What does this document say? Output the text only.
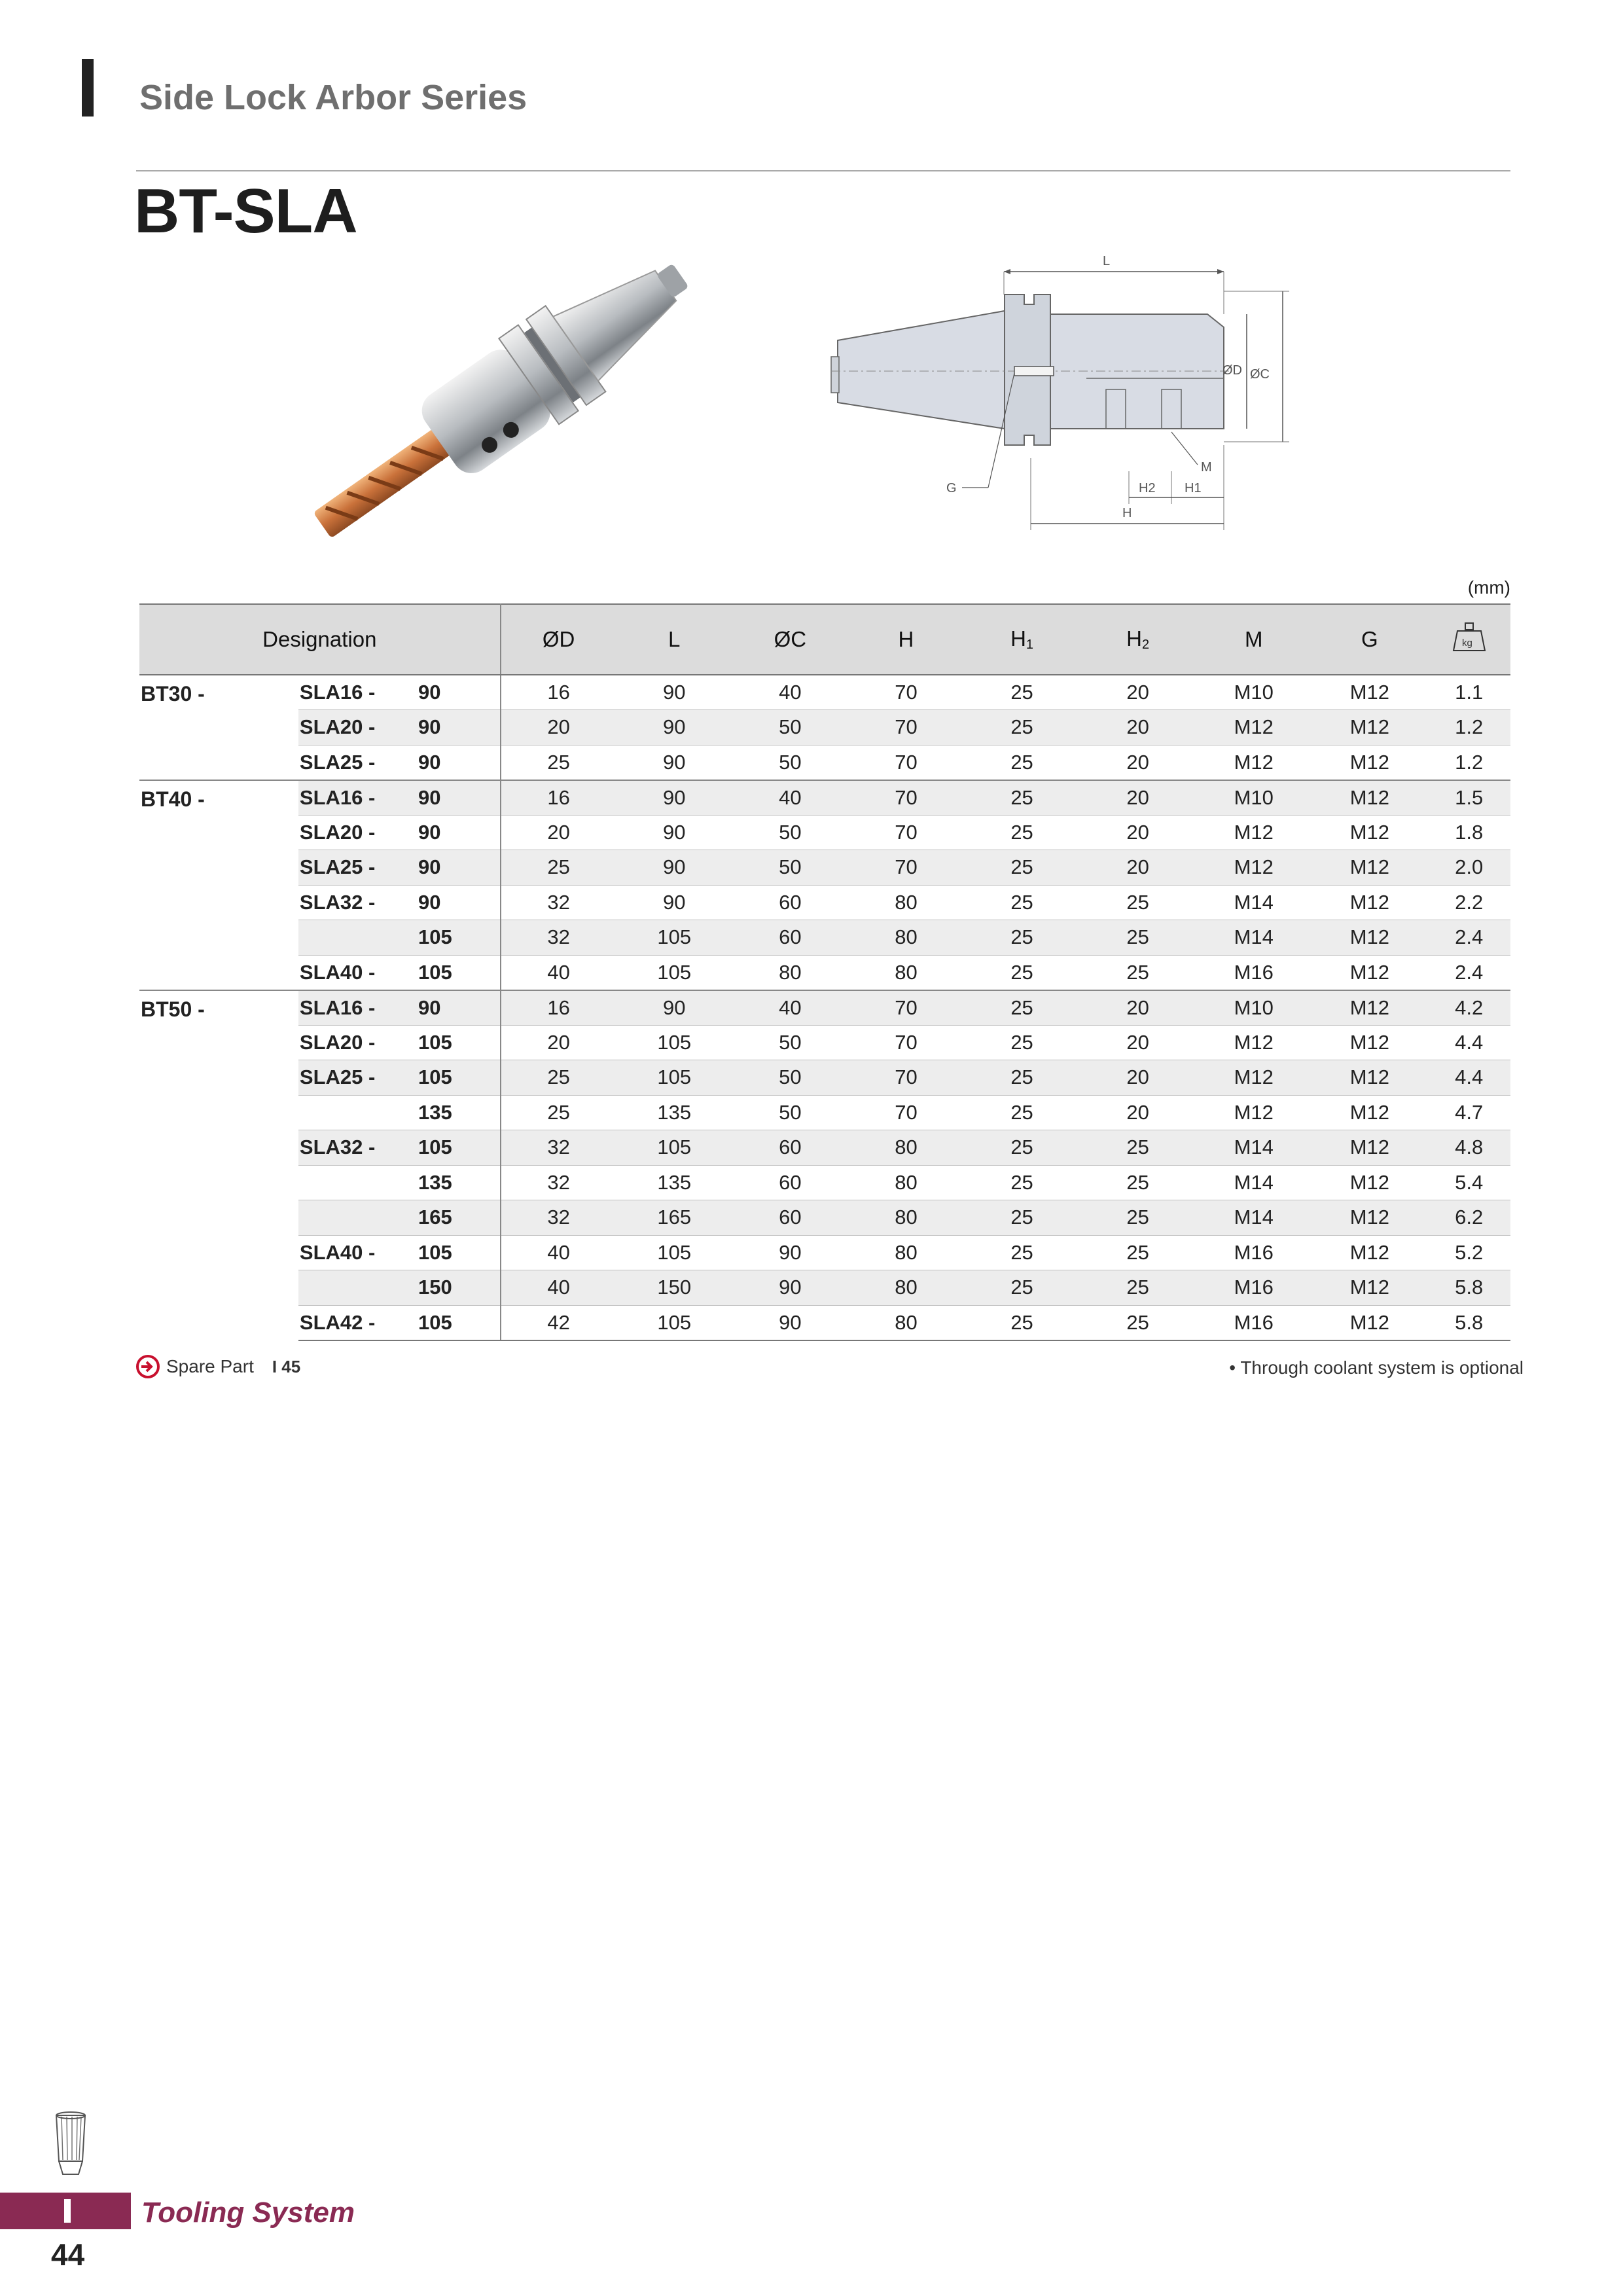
Side Lock Arbor Series
BT-SLA
L
ØD ØC
G
M
H2 H1
H
(mm)
Designation			ØD	L	ØC	H	$H_1$	$H_2$	M	G	kg

BT30 -	SLA16 -	90	16	90	40	70	25	20	M10	M12	1.1
	SLA20 -	90	20	90	50	70	25	20	M12	M12	1.2
	SLA25 -	90	25	90	50	70	25	20	M12	M12	1.2
BT40 -	SLA16 -	90	16	90	40	70	25	20	M10	M12	1.5
	SLA20 -	90	20	90	50	70	25	20	M12	M12	1.8
	SLA25 -	90	25	90	50	70	25	20	M12	M12	2.0
	SLA32 -	90	32	90	60	80	25	25	M14	M12	2.2
		105	32	105	60	80	25	25	M14	M12	2.4
	SLA40 -	105	40	105	80	80	25	25	M16	M12	2.4
BT50 -	SLA16 -	90	16	90	40	70	25	20	M10	M12	4.2
	SLA20 -	105	20	105	50	70	25	20	M12	M12	4.4
	SLA25 -	105	25	105	50	70	25	20	M12	M12	4.4
		135	25	135	50	70	25	20	M12	M12	4.7
	SLA32 -	105	32	105	60	80	25	25	M14	M12	4.8
		135	32	135	60	80	25	25	M14	M12	5.4
		165	32	165	60	80	25	25	M14	M12	6.2
	SLA40 -	105	40	105	90	80	25	25	M16	M12	5.2
		150	40	150	90	80	25	25	M16	M12	5.8
	SLA42 -	105	42	105	90	80	25	25	M16	M12	5.8
Spare Part I 45	• Through coolant system is optional
Tooling System
44
